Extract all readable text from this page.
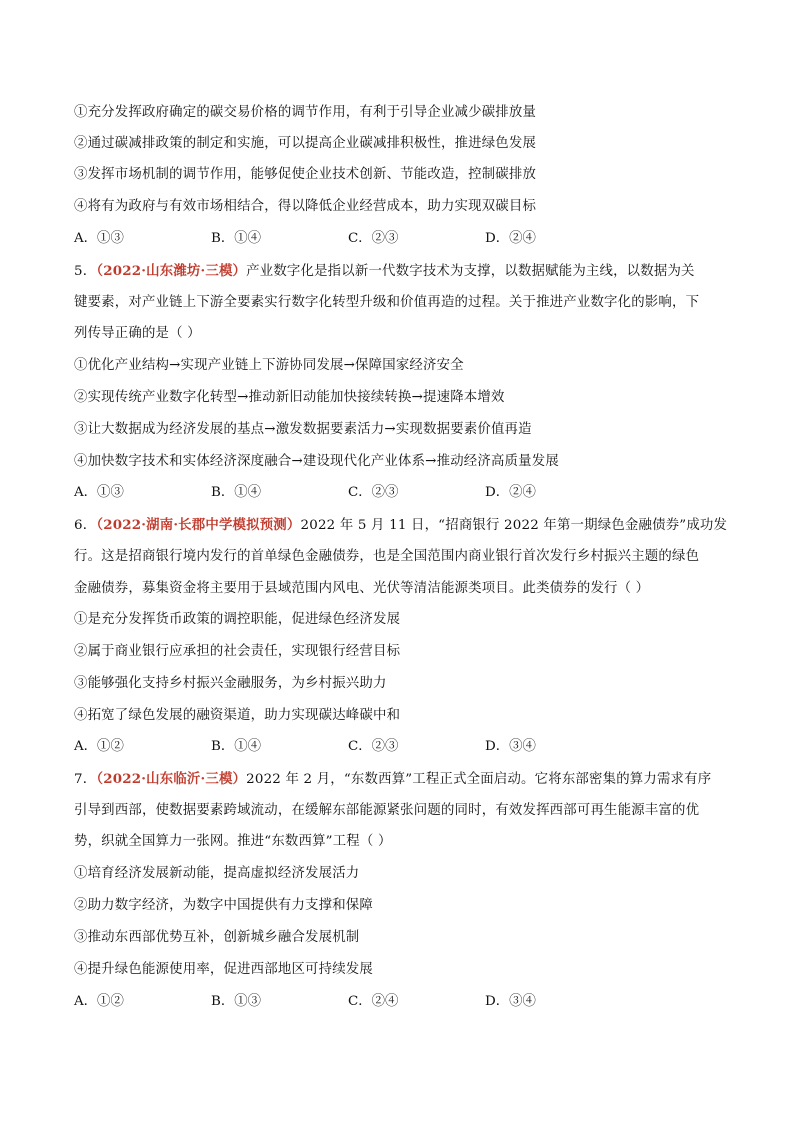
①充分发挥政府确定的碳交易价格的调节作用，有利于引导企业减少碳排放量
②通过碳减排政策的制定和实施，可以提高企业碳减排积极性，推进绿色发展
③发挥市场机制的调节作用，能够促使企业技术创新、节能改造，控制碳排放
④将有为政府与有效市场相结合，得以降低企业经营成本，助力实现双碳目标
A．①③	B．①④	C．②③	D．②④
5．（2022·山东潍坊·三模）产业数字化是指以新一代数字技术为支撑，以数据赋能为主线，以数据为关
键要素，对产业链上下游全要素实行数字化转型升级和价值再造的过程。关于推进产业数字化的影响，下
列传导正确的是（ ）
①优化产业结构→实现产业链上下游协同发展→保障国家经济安全
②实现传统产业数字化转型→推动新旧动能加快接续转换→提速降本增效
③让大数据成为经济发展的基点→激发数据要素活力→实现数据要素价值再造
④加快数字技术和实体经济深度融合→建设现代化产业体系→推动经济高质量发展
A．①③	B．①④	C．②③	D．②④
6．（2022·湖南·长郡中学模拟预测）2022 年 5 月 11 日，“招商银行 2022 年第一期绿色金融债券”成功发
行。这是招商银行境内发行的首单绿色金融债券，也是全国范围内商业银行首次发行乡村振兴主题的绿色
金融债券，募集资金将主要用于县域范围内风电、光伏等清洁能源类项目。此类债券的发行（ ）
①是充分发挥货币政策的调控职能，促进绿色经济发展
②属于商业银行应承担的社会责任，实现银行经营目标
③能够强化支持乡村振兴金融服务，为乡村振兴助力
④拓宽了绿色发展的融资渠道，助力实现碳达峰碳中和
A．①②	B．①④	C．②③	D．③④
7．（2022·山东临沂·三模）2022 年 2 月，“东数西算”工程正式全面启动。它将东部密集的算力需求有序
引导到西部，使数据要素跨域流动，在缓解东部能源紧张问题的同时，有效发挥西部可再生能源丰富的优
势，织就全国算力一张网。推进“东数西算”工程（ ）
①培育经济发展新动能，提高虚拟经济发展活力
②助力数字经济，为数字中国提供有力支撑和保障
③推动东西部优势互补，创新城乡融合发展机制
④提升绿色能源使用率，促进西部地区可持续发展
A．①②	B．①③	C．②④	D．③④
